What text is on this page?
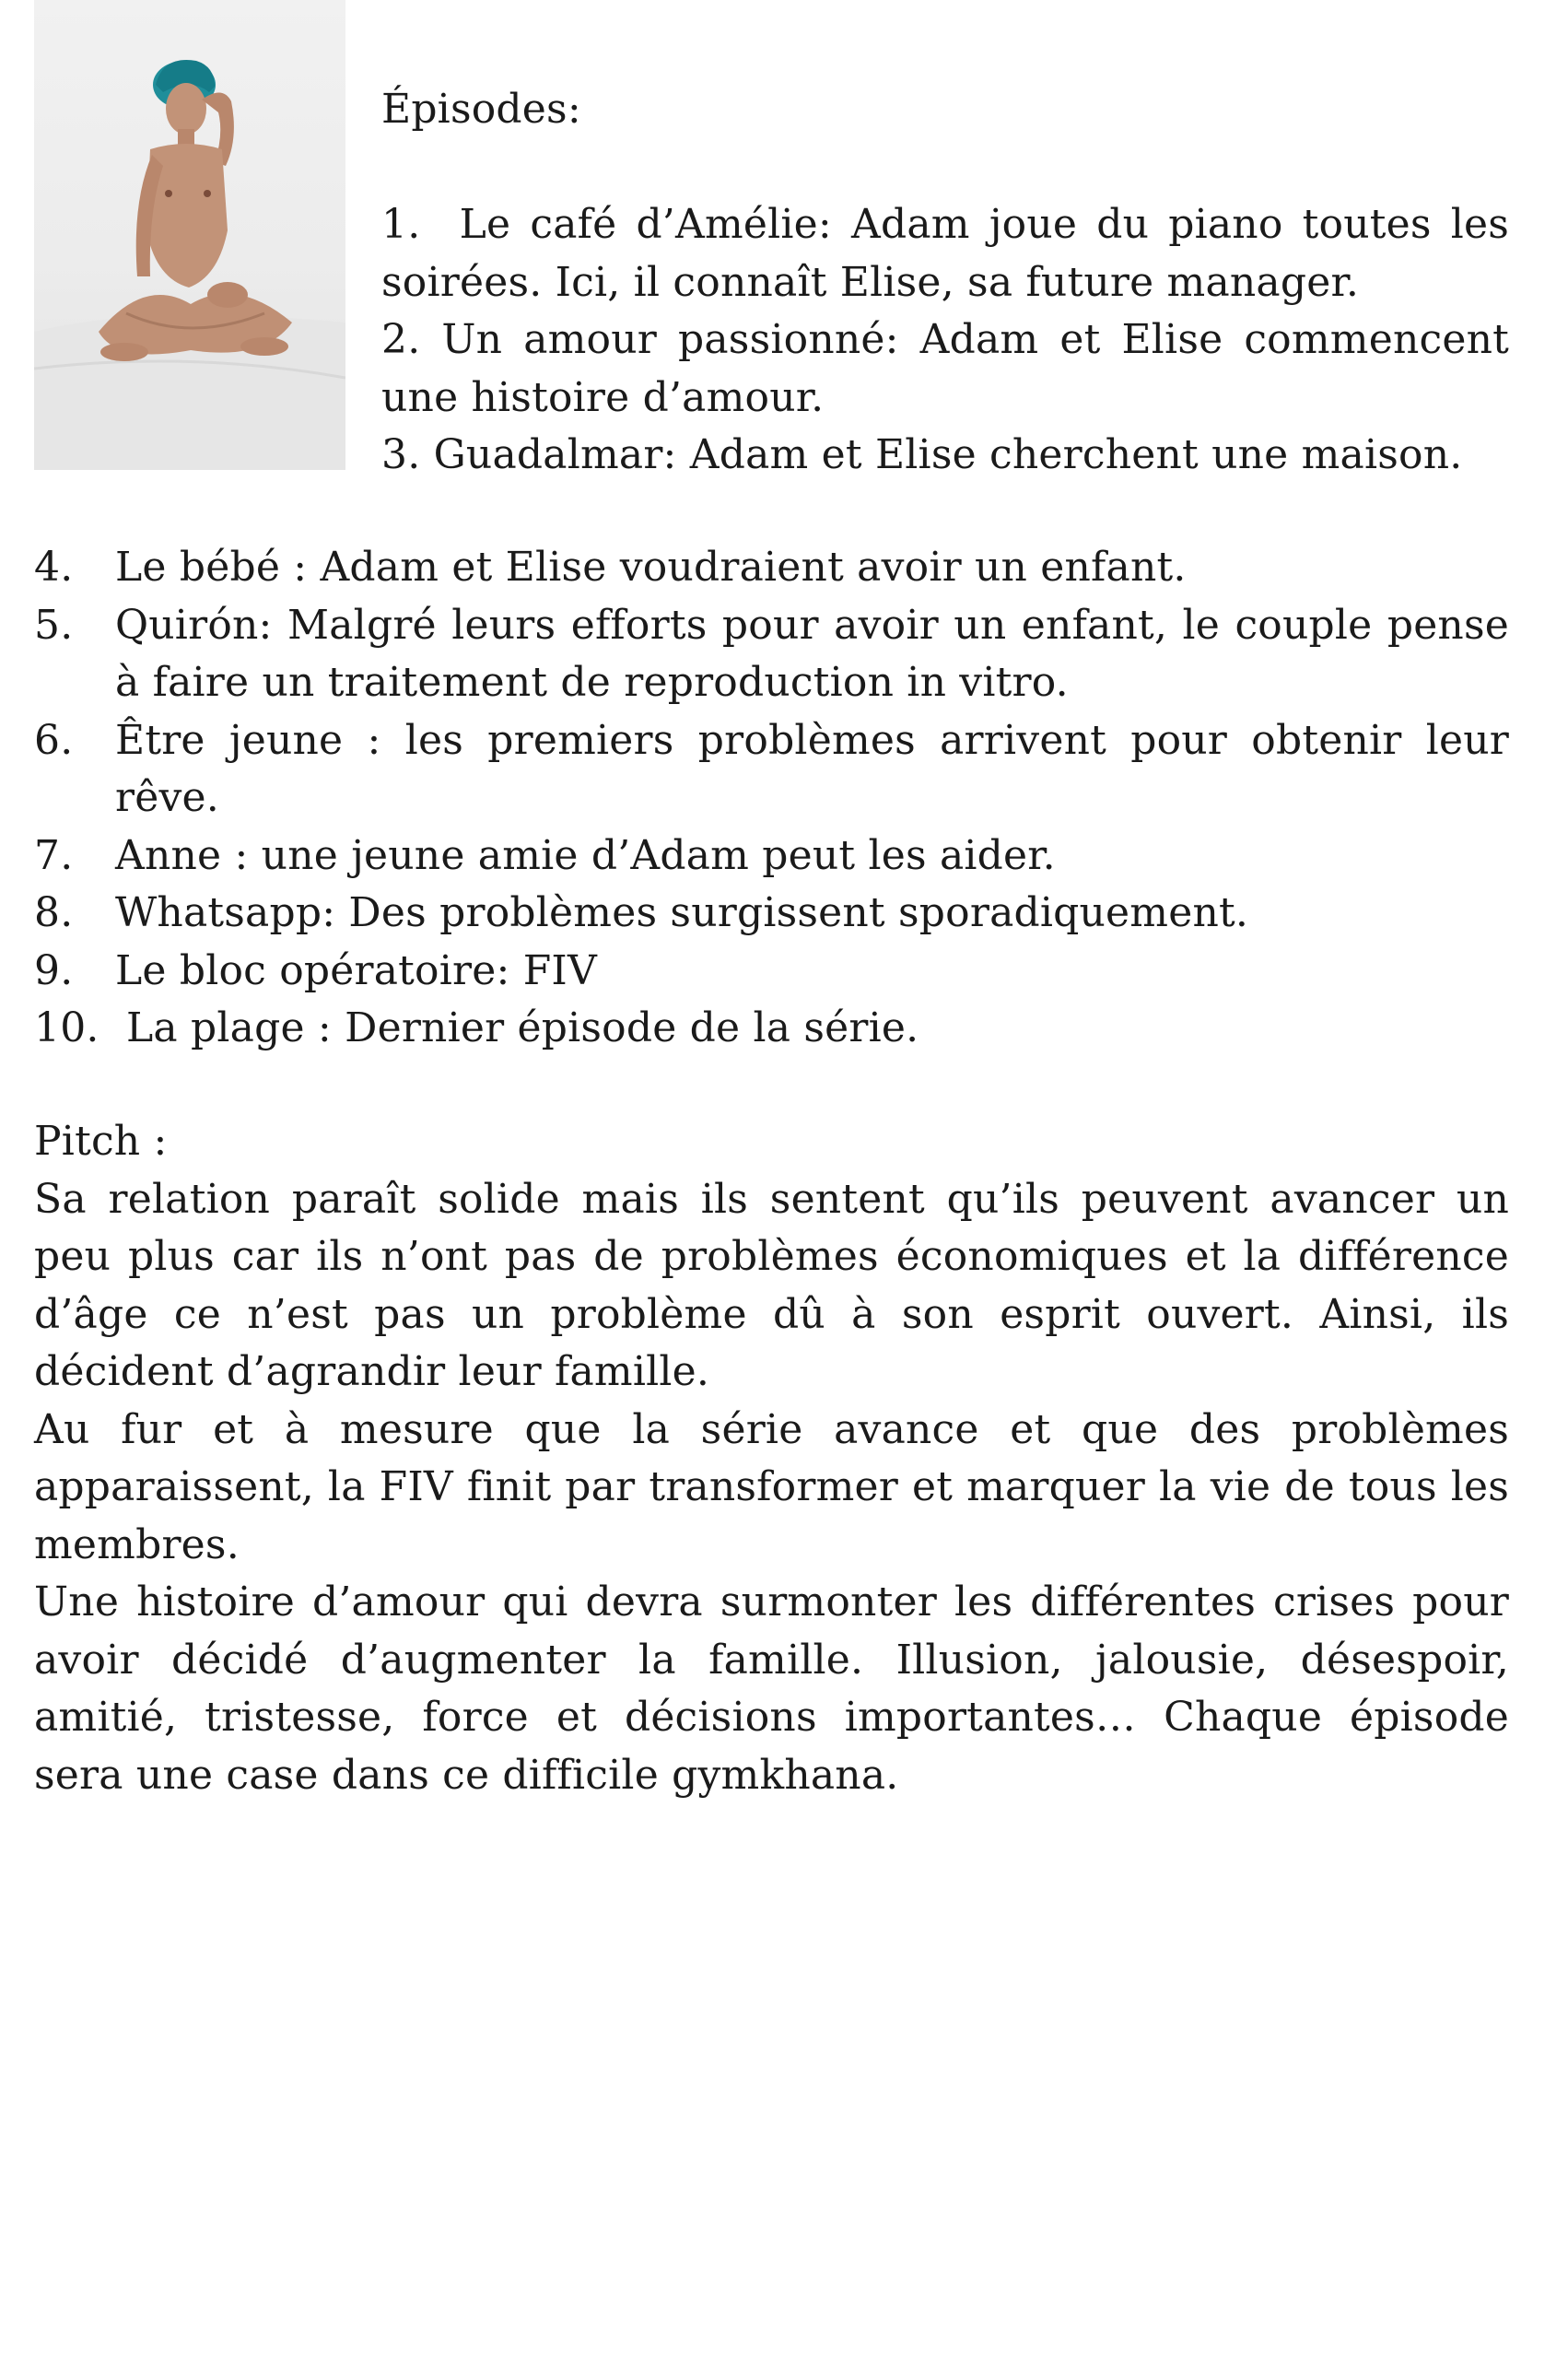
Épisodes:
1. Le café d’Amélie: Adam joue du piano toutes les soirées. Ici, il connaît Elise, sa future manager.
2. Un amour passionné: Adam et Elise commencent une histoire d’amour.
3. Guadalmar: Adam et Elise cherchent une maison.
4.	Le bébé : Adam et Elise voudraient avoir un enfant.
5.	Quirón: Malgré leurs efforts pour avoir un enfant, le couple pense à faire un traitement de reproduction in vitro.
6.	Être jeune : les premiers problèmes arrivent pour obtenir leur rêve.
7.	Anne : une jeune amie d’Adam peut les aider.
8.	Whatsapp: Des problèmes surgissent sporadiquement.
9.	Le bloc opératoire: FIV
10. La plage : Dernier épisode de la série.
Pitch :
Sa relation paraît solide mais ils sentent qu’ils peuvent avancer un peu plus car ils n’ont pas de problèmes économiques et la différence d’âge ce n’est pas un problème dû à son esprit ouvert. Ainsi, ils décident d’agrandir leur famille.
Au fur et à mesure que la série avance et que des problèmes apparaissent, la FIV finit par transformer et marquer la vie de tous les membres.
Une histoire d’amour qui devra surmonter les différentes crises pour avoir décidé d’augmenter la famille. Illusion, jalousie, désespoir, amitié, tristesse, force et décisions importantes… Chaque épisode sera une case dans ce difficile gymkhana.
